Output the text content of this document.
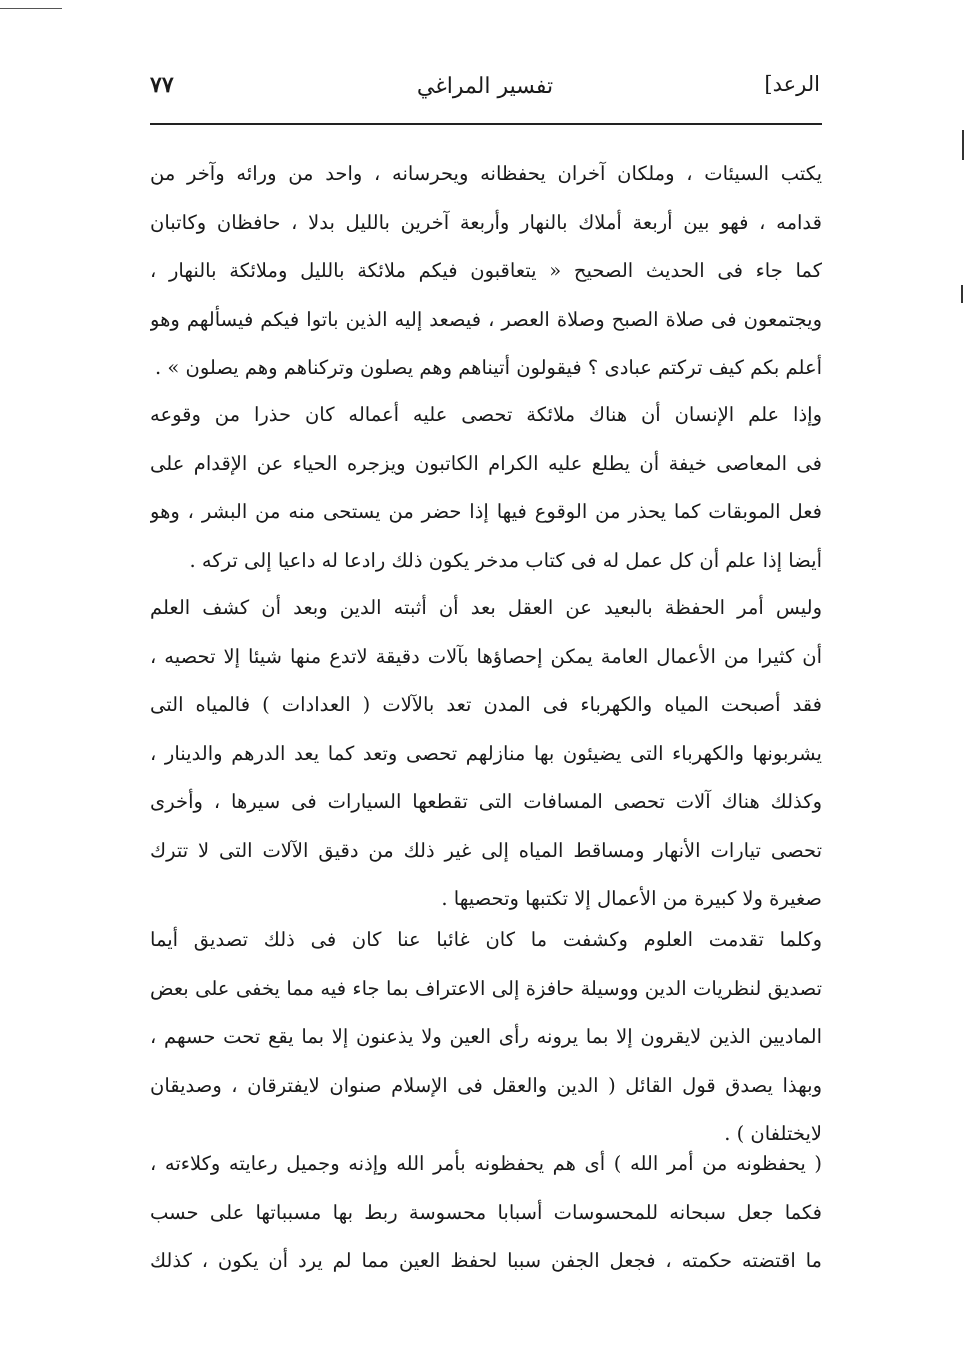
الرعد]
تفسير المراغي
٧٧
يكتب السيئات ، وملكان آخران يحفظانه ويحرسانه ، واحد من ورائه وآخر من
قدامه ، فهو بين أربعة أملاك بالنهار وأربعة آخرين بالليل بدلا ، حافظان وكاتبان
كما جاء فى الحديث الصحيح « يتعاقبون فيكم ملائكة بالليل وملائكة بالنهار ،
ويجتمعون فى صلاة الصبح وصلاة العصر ، فيصعد إليه الذين باتوا فيكم فيسألهم وهو
أعلم بكم كيف تركتم عبادى ؟ فيقولون أتيناهم وهم يصلون وتركناهم وهم يصلون » .
وإذا علم الإنسان أن هناك ملائكة تحصى عليه أعماله كان حذرا من وقوعه
فى المعاصى خيفة أن يطلع عليه الكرام الكاتبون ويزجره الحياء عن الإقدام على
فعل الموبقات كما يحذر من الوقوع فيها إذا حضر من يستحى منه من البشر ، وهو
أيضا إذا علم أن كل عمل له فى كتاب مدخر يكون ذلك رادعا له داعيا إلى تركه .
وليس أمر الحفظة بالبعيد عن العقل بعد أن أثبته الدين وبعد أن كشف العلم
أن كثيرا من الأعمال العامة يمكن إحصاؤها بآلات دقيقة لاتدع منها شيئا إلا تحصيه ،
فقد أصبحت المياه والكهرباء فى المدن تعد بالآلات ( العدادات ) فالمياه التى
يشربونها والكهرباء التى يضيئون بها منازلهم تحصى وتعد كما يعد الدرهم والدينار ،
وكذلك هناك آلات تحصى المسافات التى تقطعها السيارات فى سيرها ، وأخرى
تحصى تيارات الأنهار ومساقط المياه إلى غير ذلك من دقيق الآلات التى لا تترك
صغيرة ولا كبيرة من الأعمال إلا تكتبها وتحصيها .
وكلما تقدمت العلوم وكشفت ما كان غائبا عنا كان فى ذلك تصديق أيما
تصديق لنظريات الدين ووسيلة حافزة إلى الاعتراف بما جاء فيه مما يخفى على بعض
الماديين الذين لايقرون إلا بما يرونه رأى العين ولا يذعنون إلا بما يقع تحت حسهم ،
وبهذا يصدق قول القائل ( الدين والعقل فى الإسلام صنوان لايفترقان ، وصديقان
لايختلفان ) .
( يحفظونه من أمر الله ) أى هم يحفظونه بأمر الله وإذنه وجميل رعايته وكلاءته ،
فكما جعل سبحانه للمحسوسات أسبابا محسوسة ربط بها مسبباتها على حسب
ما اقتضته حكمته ، فجعل الجفن سببا لحفظ العين مما لم يرد أن يكون ، كذلك
